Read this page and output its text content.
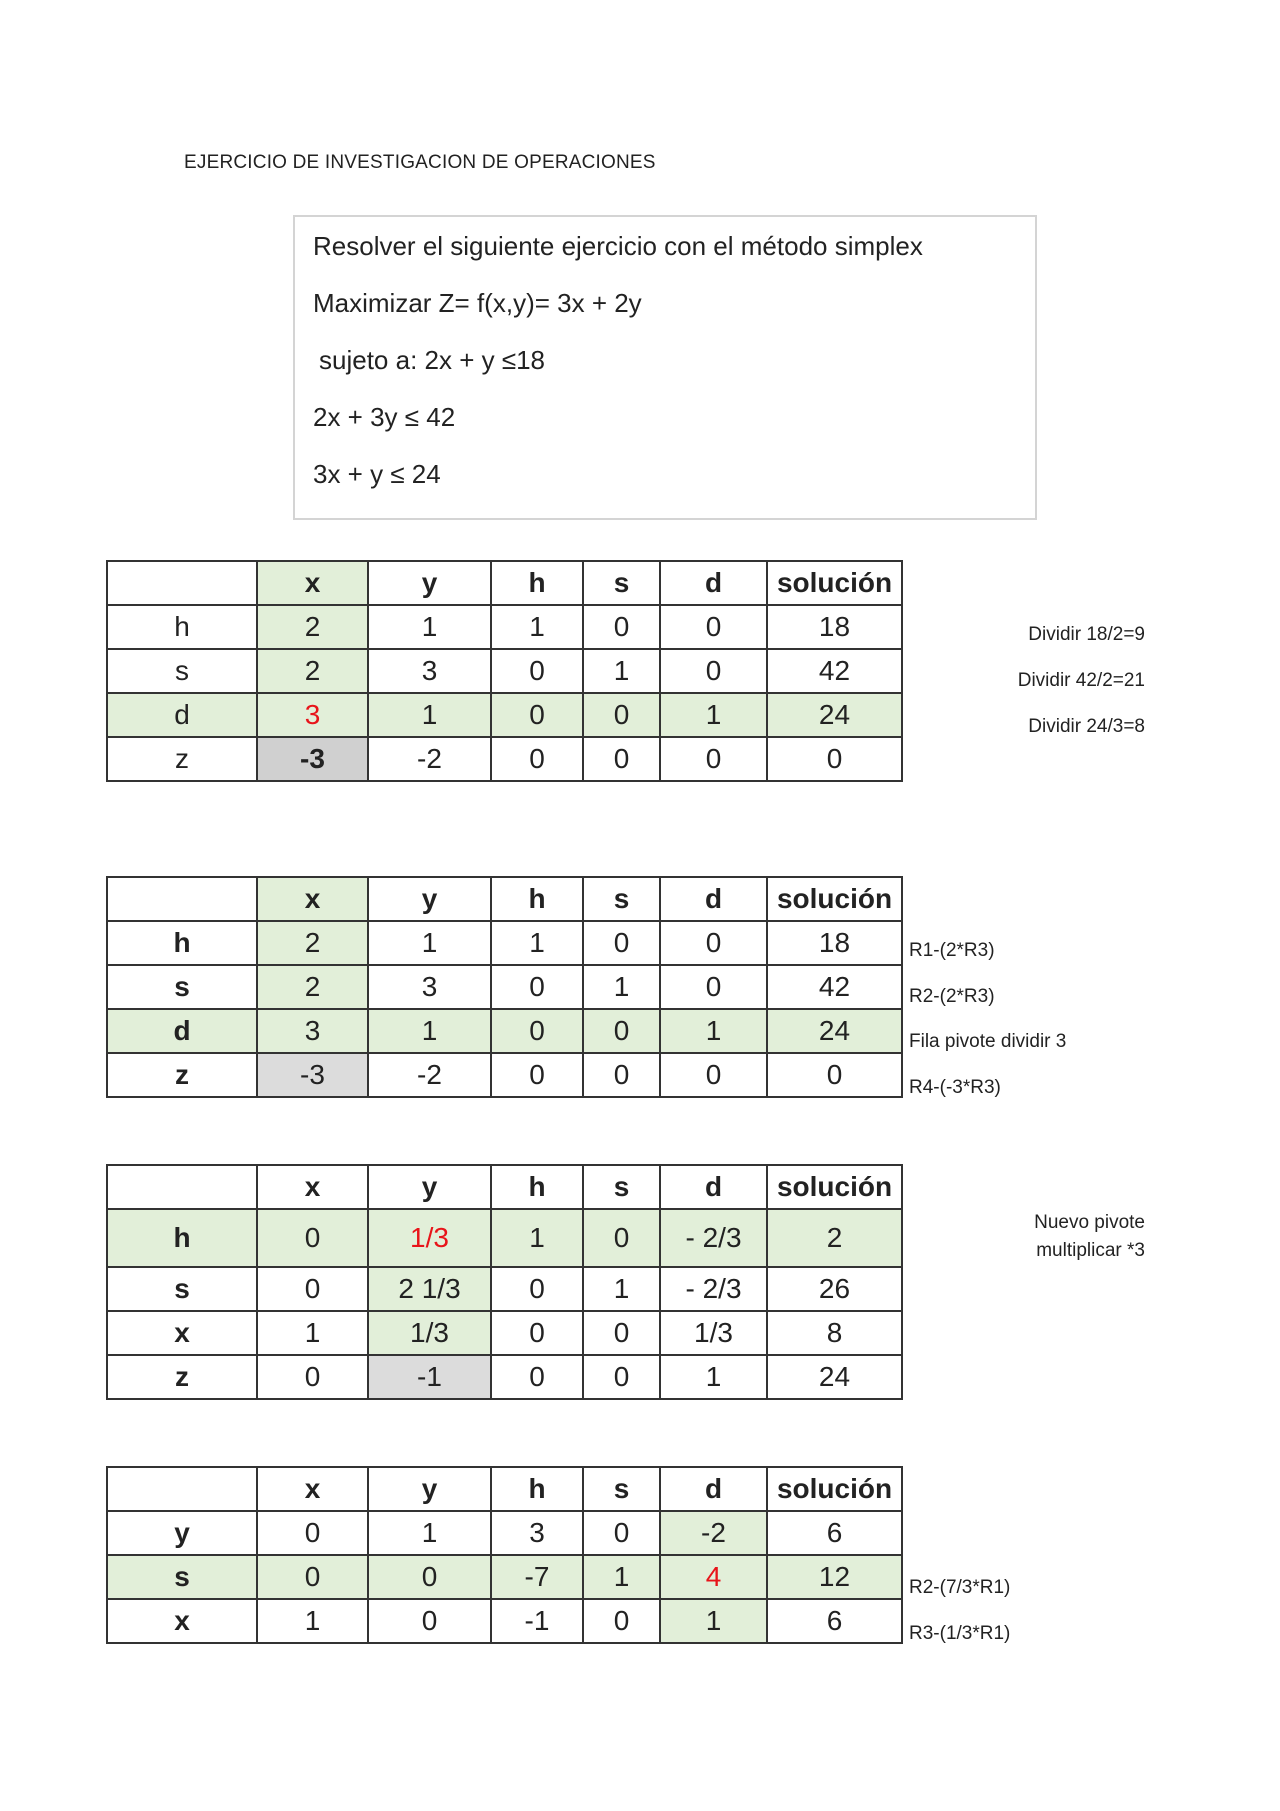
EJERCICIO DE INVESTIGACION DE OPERACIONES
Resolver el siguiente ejercicio con el método simplex
Maximizar Z= f(x,y)= 3x + 2y
sujeto a: 2x + y ≤18
2x + 3y ≤ 42
3x + y ≤ 24
	x	y	h	s	d	solución
h	2	1	1	0	0	18
s	2	3	0	1	0	42
d	3	1	0	0	1	24
z	-3	-2	0	0	0	0
Dividir 18/2=9
Dividir 42/2=21
Dividir 24/3=8
	x	y	h	s	d	solución
h	2	1	1	0	0	18
s	2	3	0	1	0	42
d	3	1	0	0	1	24
z	-3	-2	0	0	0	0
R1-(2*R3)
R2-(2*R3)
Fila pivote dividir 3
R4-(-3*R3)
	x	y	h	s	d	solución
h	0	1/3	1	0	- 2/3	2
s	0	2 1/3	0	1	- 2/3	26
x	1	1/3	0	0	1/3	8
z	0	-1	0	0	1	24
Nuevo pivote
multiplicar *3
	x	y	h	s	d	solución
y	0	1	3	0	-2	6
s	0	0	-7	1	4	12
x	1	0	-1	0	1	6
R2-(7/3*R1)
R3-(1/3*R1)
